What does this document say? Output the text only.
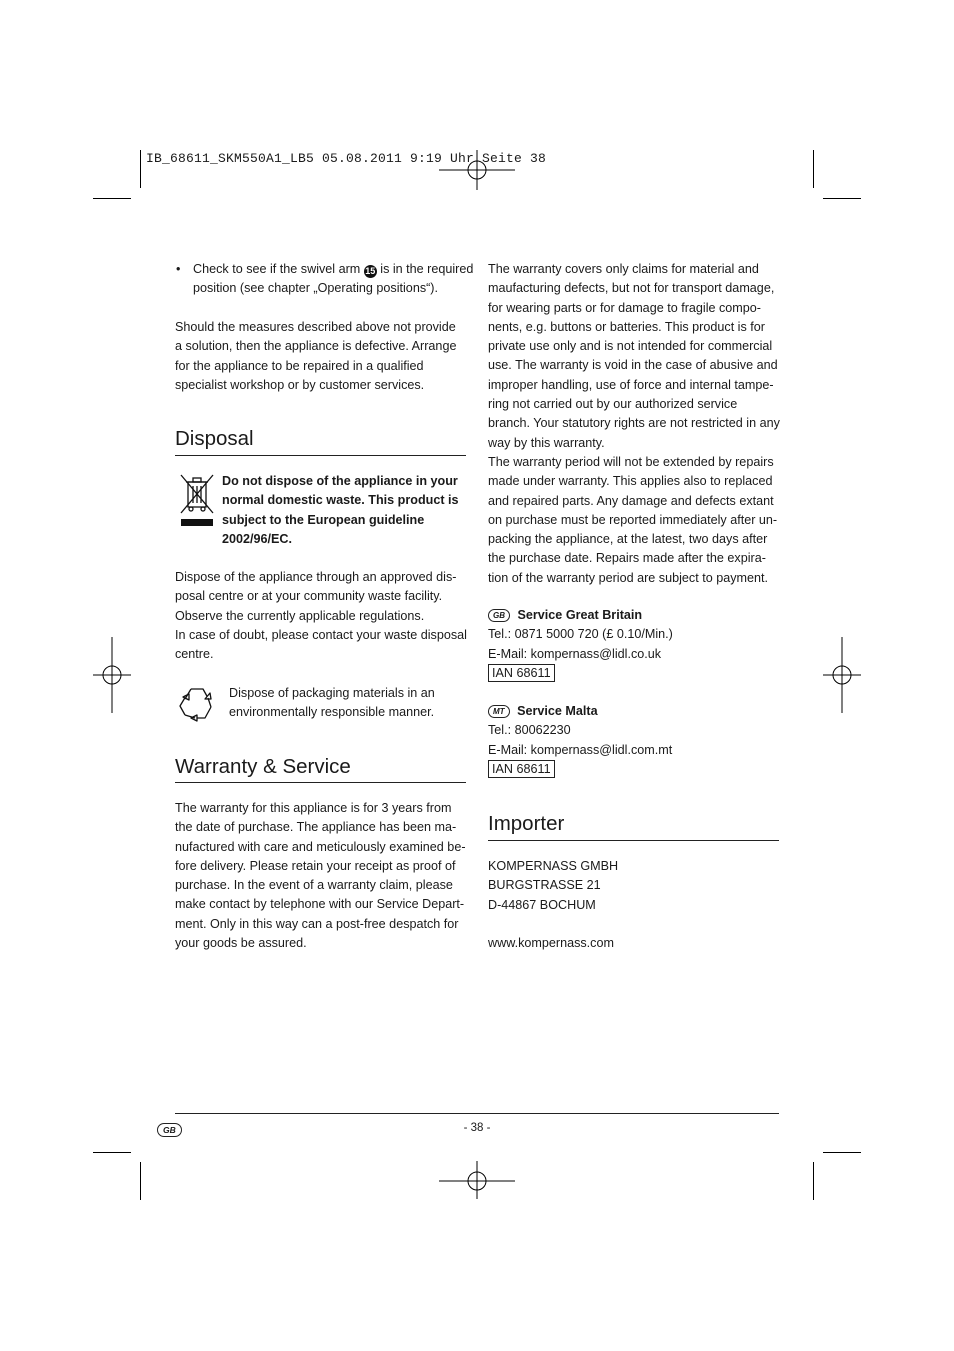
IB_68611_SKM550A1_LB5 05.08.2011 9:19 Uhr Seite 38
• Check to see if the swivel arm 15 is in the required
position (see chapter „Operating positions“).
Should the measures described above not provide
a solution, then the appliance is defective. Arrange
for the appliance to be repaired in a qualified
specialist workshop or by customer services.
Disposal
Do not dispose of the appliance in your
normal domestic waste. This product is
subject to the European guideline
2002/96/EC.
Dispose of the appliance through an approved dis-
posal centre or at your community waste facility.
Observe the currently applicable regulations.
In case of doubt, please contact your waste disposal
centre.
Dispose of packaging materials in an
environmentally responsible manner.
Warranty & Service
The warranty for this appliance is for 3 years from
the date of purchase. The appliance has been ma-
nufactured with care and meticulously examined be-
fore delivery. Please retain your receipt as proof of
purchase. In the event of a warranty claim, please
make contact by telephone with our Service Depart-
ment. Only in this way can a post-free despatch for
your goods be assured.
The warranty covers only claims for material and
maufacturing defects, but not for transport damage,
for wearing parts or for damage to fragile compo-
nents, e.g. buttons or batteries. This product is for
private use only and is not intended for commercial
use. The warranty is void in the case of abusive and
improper handling, use of force and internal tampe-
ring not carried out by our authorized service
branch. Your statutory rights are not restricted in any
way by this warranty.
The warranty period will not be extended by repairs
made under warranty. This applies also to replaced
and repaired parts. Any damage and defects extant
on purchase must be reported immediately after un-
packing the appliance, at the latest, two days after
the purchase date. Repairs made after the expira-
tion of the warranty period are subject to payment.
GB Service Great Britain
Tel.: 0871 5000 720 (£ 0.10/Min.)
E-Mail: kompernass@lidl.co.uk
IAN 68611
MT Service Malta
Tel.: 80062230
E-Mail: kompernass@lidl.com.mt
IAN 68611
Importer
KOMPERNASS GMBH
BURGSTRASSE 21
D-44867 BOCHUM
www.kompernass.com
GB	- 38 -
